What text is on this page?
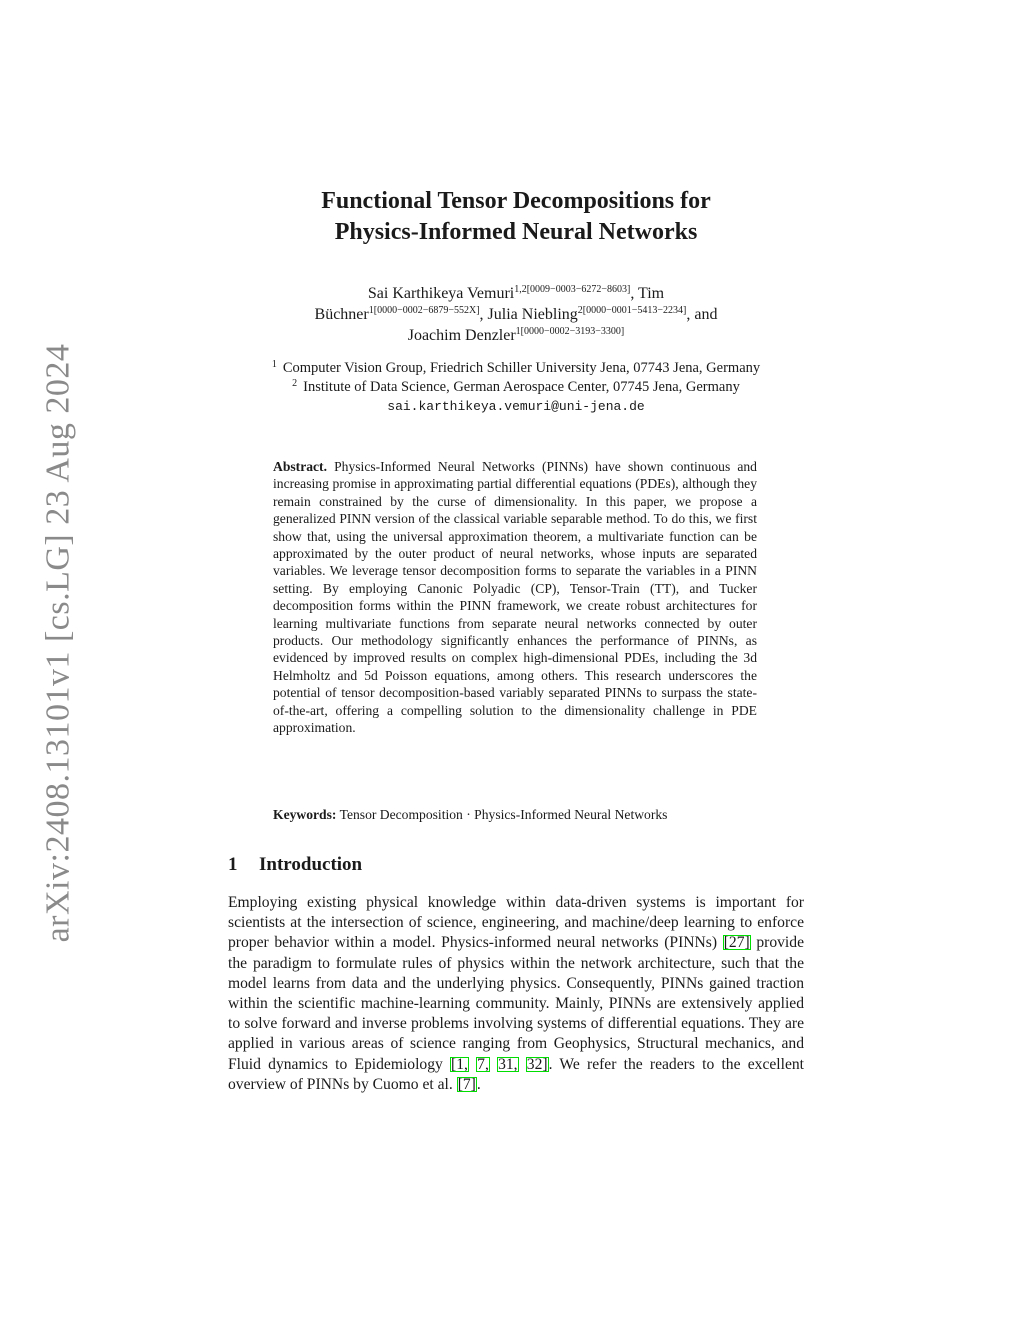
arXiv:2408.13101v1 [cs.LG] 23 Aug 2024
Functional Tensor Decompositions for
Physics-Informed Neural Networks
Sai Karthikeya Vemuri$^{1,2[0009-0003-6272-8603]}$, Tim
Büchner$^{1[0000-0002-6879-552X]}$, Julia Niebling$^{2[0000-0001-5413-2234]}$, and
Joachim Denzler$^{1[0000-0002-3193-3300]}$
$^1$ Computer Vision Group, Friedrich Schiller University Jena, 07743 Jena, Germany
$^2$ Institute of Data Science, German Aerospace Center, 07745 Jena, Germany
sai.karthikeya.vemuri@uni-jena.de
Abstract. Physics-Informed Neural Networks (PINNs) have shown continuous and increasing promise in approximating partial differential equations (PDEs), although they remain constrained by the curse of dimensionality. In this paper, we propose a generalized PINN version of the classical variable separable method. To do this, we first show that, using the universal approximation theorem, a multivariate function can be approximated by the outer product of neural networks, whose inputs are separated variables. We leverage tensor decomposition forms to separate the variables in a PINN setting. By employing Canonic Polyadic (CP), Tensor-Train (TT), and Tucker decomposition forms within the PINN framework, we create robust architectures for learning multivariate functions from separate neural networks connected by outer products. Our methodology significantly enhances the performance of PINNs, as evidenced by improved results on complex high-dimensional PDEs, including the 3d Helmholtz and 5d Poisson equations, among others. This research underscores the potential of tensor decomposition-based variably separated PINNs to surpass the state-of-the-art, offering a compelling solution to the dimensionality challenge in PDE approximation.
Keywords: Tensor Decomposition · Physics-Informed Neural Networks
1 Introduction
Employing existing physical knowledge within data-driven systems is important for scientists at the intersection of science, engineering, and machine/deep learning to enforce proper behavior within a model. Physics-informed neural networks (PINNs) [27] provide the paradigm to formulate rules of physics within the network architecture, such that the model learns from data and the underlying physics. Consequently, PINNs gained traction within the scientific machine-learning community. Mainly, PINNs are extensively applied to solve forward and inverse problems involving systems of differential equations. They are applied in various areas of science ranging from Geophysics, Structural mechanics, and Fluid dynamics to Epidemiology [1, 7, 31, 32]. We refer the readers to the excellent overview of PINNs by Cuomo et al. [7].
